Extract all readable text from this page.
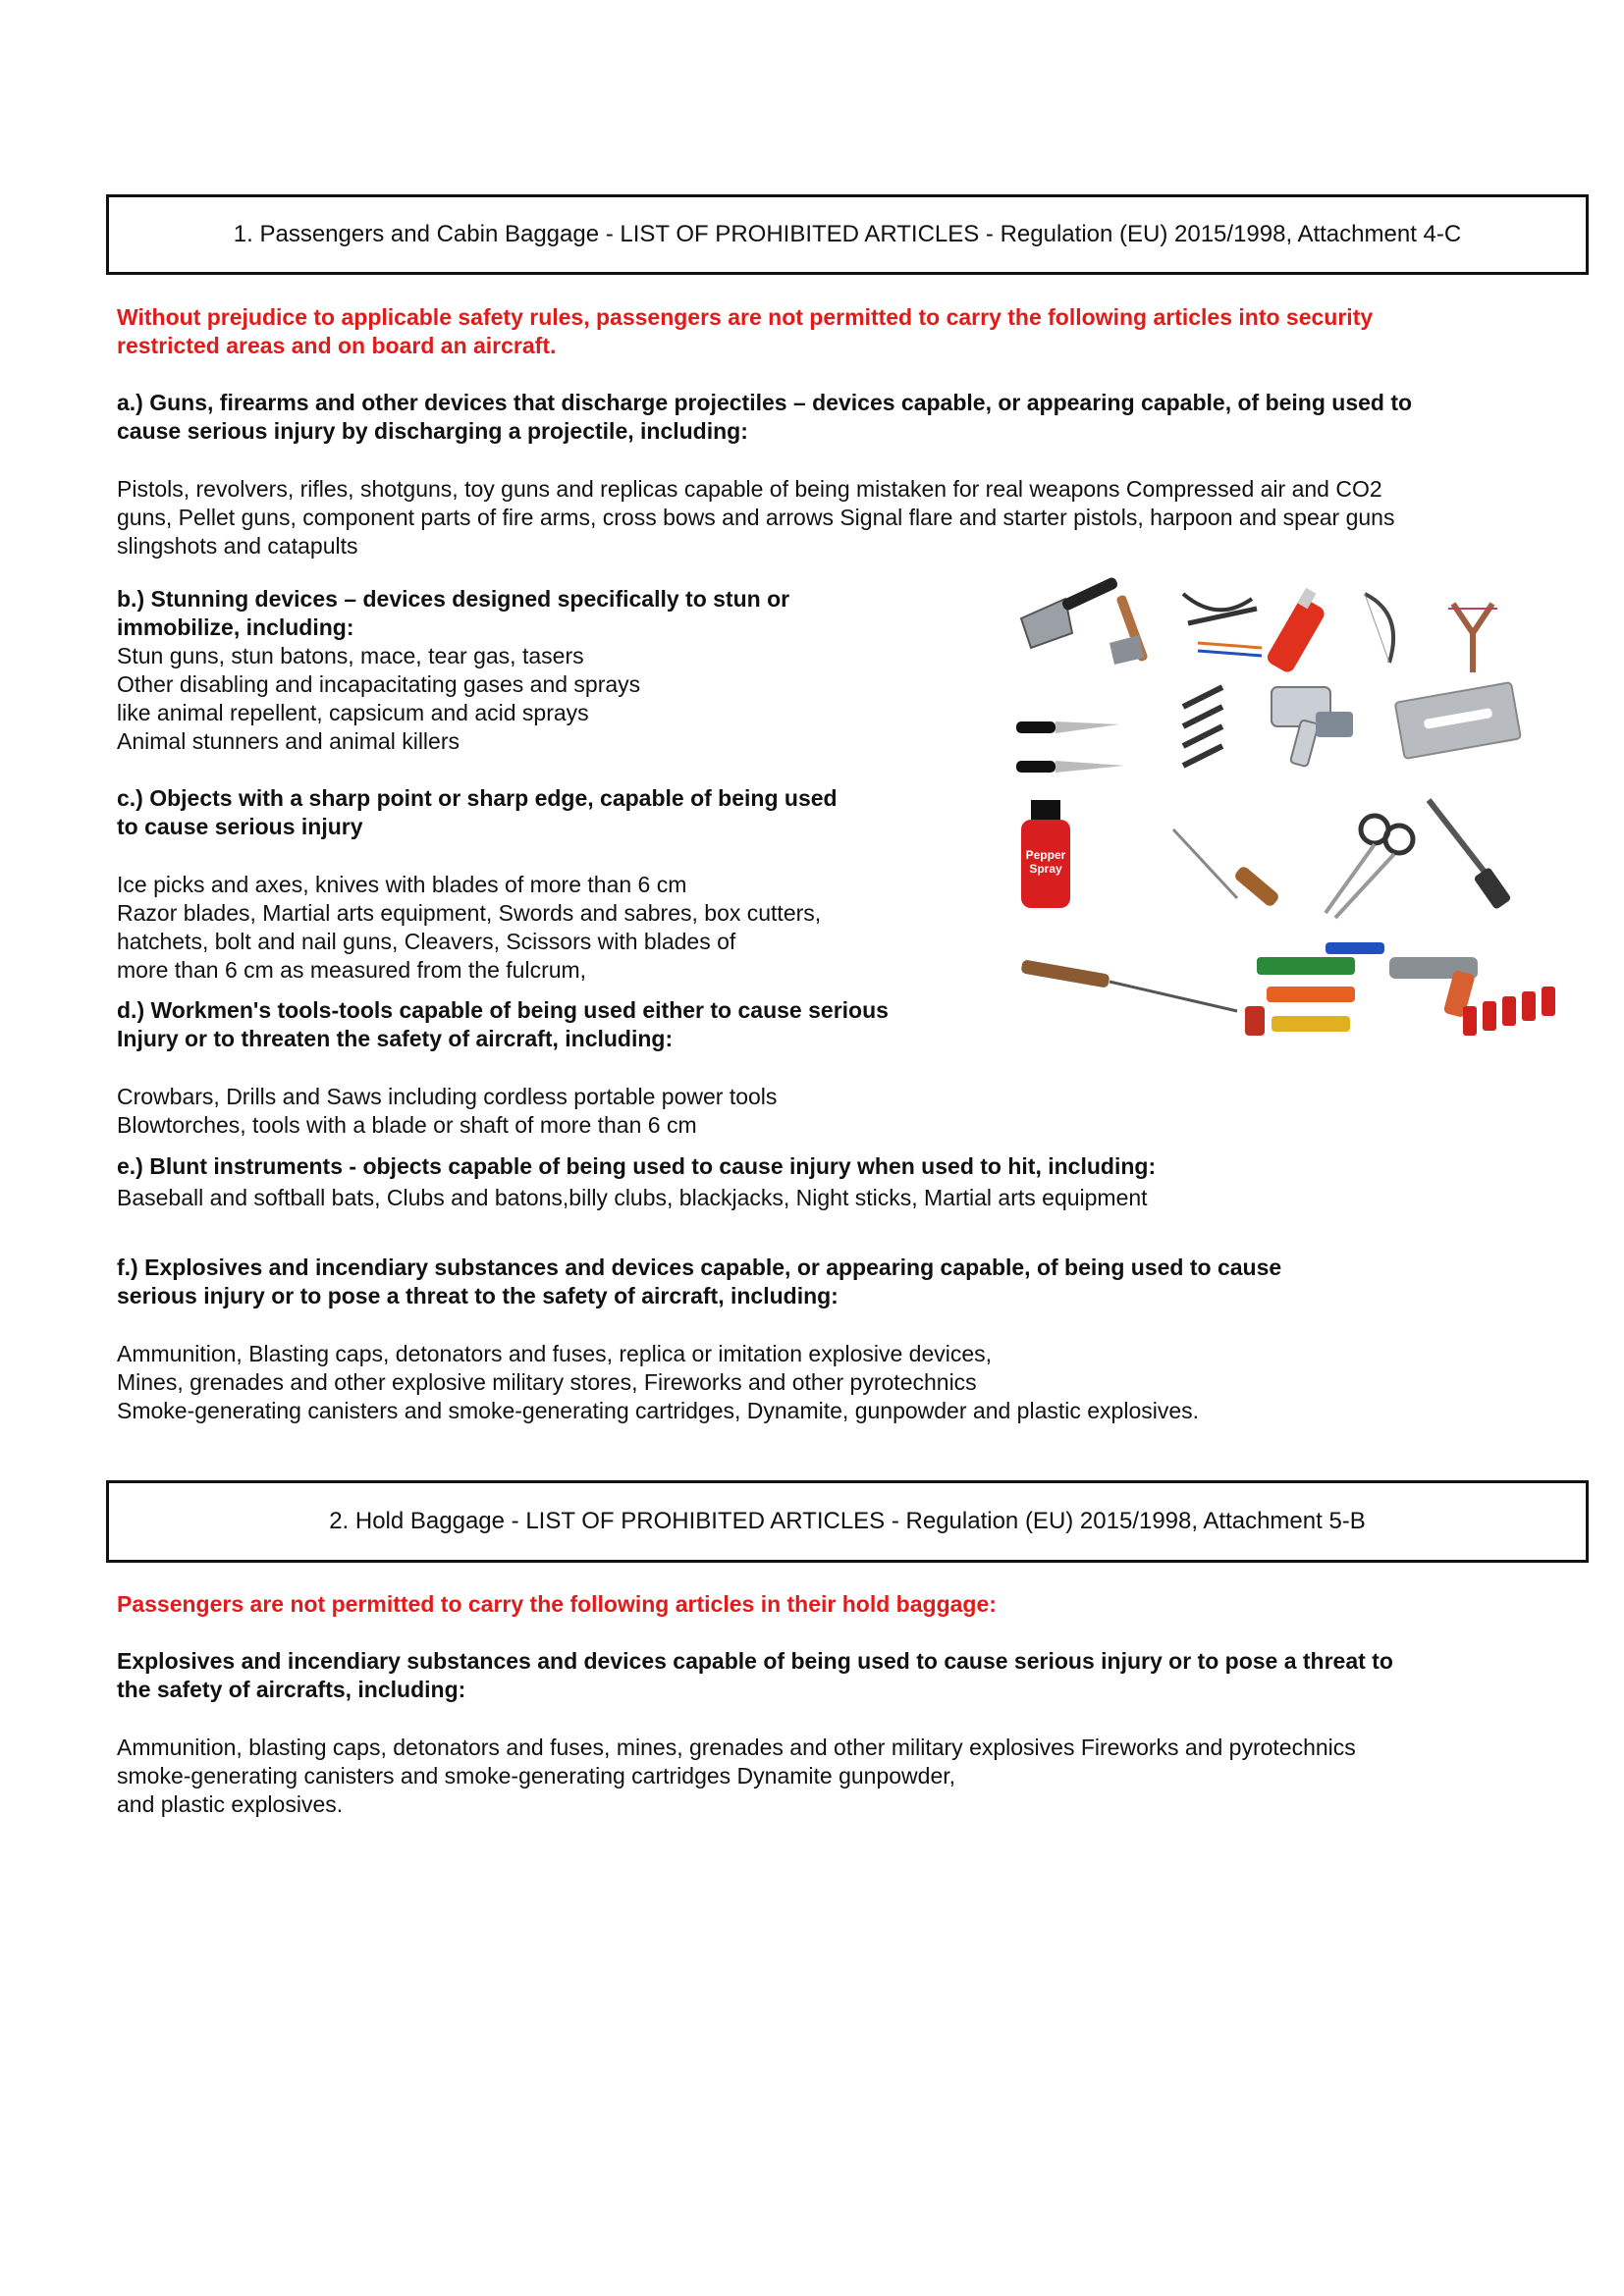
1. Passengers and Cabin Baggage - LIST OF PROHIBITED ARTICLES - Regulation (EU) 2015/1998, Attachment 4-C

Without prejudice to applicable safety rules, passengers are not permitted to carry the following articles into security
restricted areas and on board an aircraft.

a.) Guns, firearms and other devices that discharge projectiles – devices capable, or appearing capable, of being used to
cause serious injury by discharging a projectile, including:

Pistols, revolvers, rifles, shotguns, toy guns and replicas capable of being mistaken for real weapons Compressed air and CO2
guns, Pellet guns, component parts of fire arms, cross bows and arrows Signal flare and starter pistols, harpoon and spear guns
slingshots and catapults

b.) Stunning devices – devices designed specifically to stun or
immobilize, including:

Stun guns, stun batons, mace, tear gas, tasers
Other disabling and incapacitating gases and sprays
like animal repellent, capsicum and acid sprays
Animal stunners and animal killers

c.) Objects with a sharp point or sharp edge, capable of being used
to cause serious injury

Ice picks and axes, knives with blades of more than 6 cm
Razor blades, Martial arts equipment, Swords and sabres, box cutters,
hatchets, bolt and nail guns, Cleavers, Scissors with blades of
more than 6 cm as measured from the fulcrum,

d.) Workmen's tools-tools capable of being used either to cause serious
Injury or to threaten the safety of aircraft, including:

Crowbars, Drills and Saws including cordless portable power tools
Blowtorches, tools with a blade or shaft of more than 6 cm

e.) Blunt instruments - objects capable of being used to cause injury when used to hit, including:

Baseball and softball bats, Clubs and batons,billy clubs, blackjacks, Night sticks, Martial arts equipment

f.) Explosives and incendiary substances and devices capable, or appearing capable, of being used to cause
serious injury or to pose a threat to the safety of aircraft, including:

Ammunition, Blasting caps, detonators and fuses, replica or imitation explosive devices,
Mines, grenades and other explosive military stores, Fireworks and other pyrotechnics
Smoke-generating canisters and smoke-generating cartridges, Dynamite, gunpowder and plastic explosives.

Pepper
Spray
2. Hold Baggage - LIST OF PROHIBITED ARTICLES - Regulation (EU) 2015/1998, Attachment 5-B

Passengers are not permitted to carry the following articles in their hold baggage:

Explosives and incendiary substances and devices capable of being used to cause serious injury or to pose a threat to
the safety of aircrafts, including:

Ammunition, blasting caps, detonators and fuses, mines, grenades and other military explosives Fireworks and pyrotechnics
smoke-generating canisters and smoke-generating cartridges Dynamite gunpowder,
and plastic explosives.
